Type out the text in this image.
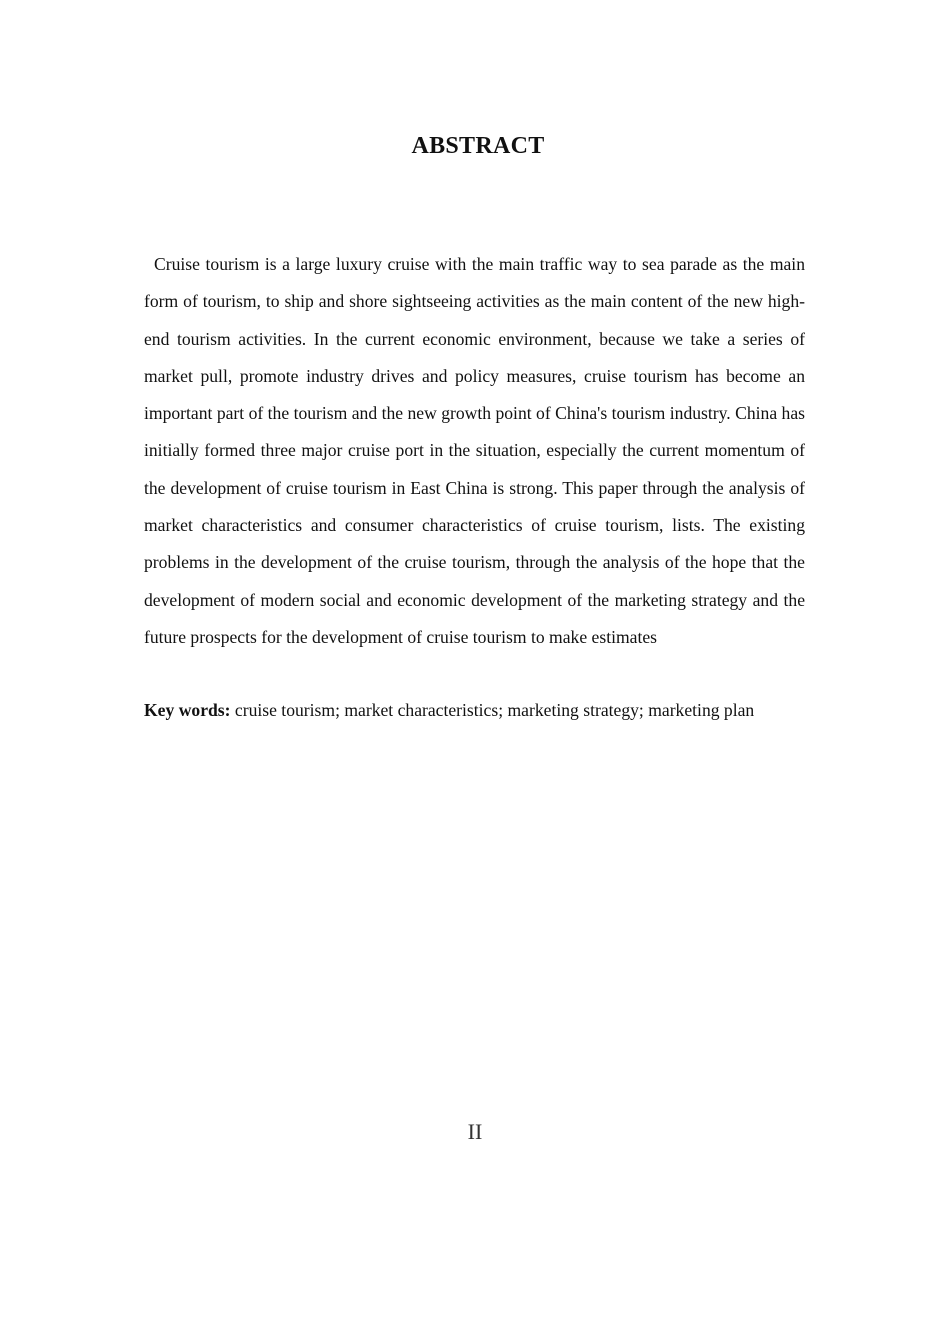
ABSTRACT

Cruise tourism is a large luxury cruise with the main traffic way to sea parade as the main form of tourism, to ship and shore sightseeing activities as the main content of the new high-end tourism activities. In the current economic environment, because we take a series of market pull, promote industry drives and policy measures, cruise tourism has become an important part of the tourism and the new growth point of China's tourism industry. China has initially formed three major cruise port in the situation, especially the current momentum of the development of cruise tourism in East China is strong. This paper through the analysis of market characteristics and consumer characteristics of cruise tourism, lists. The existing problems in the development of the cruise tourism, through the analysis of the hope that the development of modern social and economic development of the marketing strategy and the future prospects for the development of cruise tourism to make estimates

Key words: cruise tourism; market characteristics; marketing strategy; marketing plan

II
